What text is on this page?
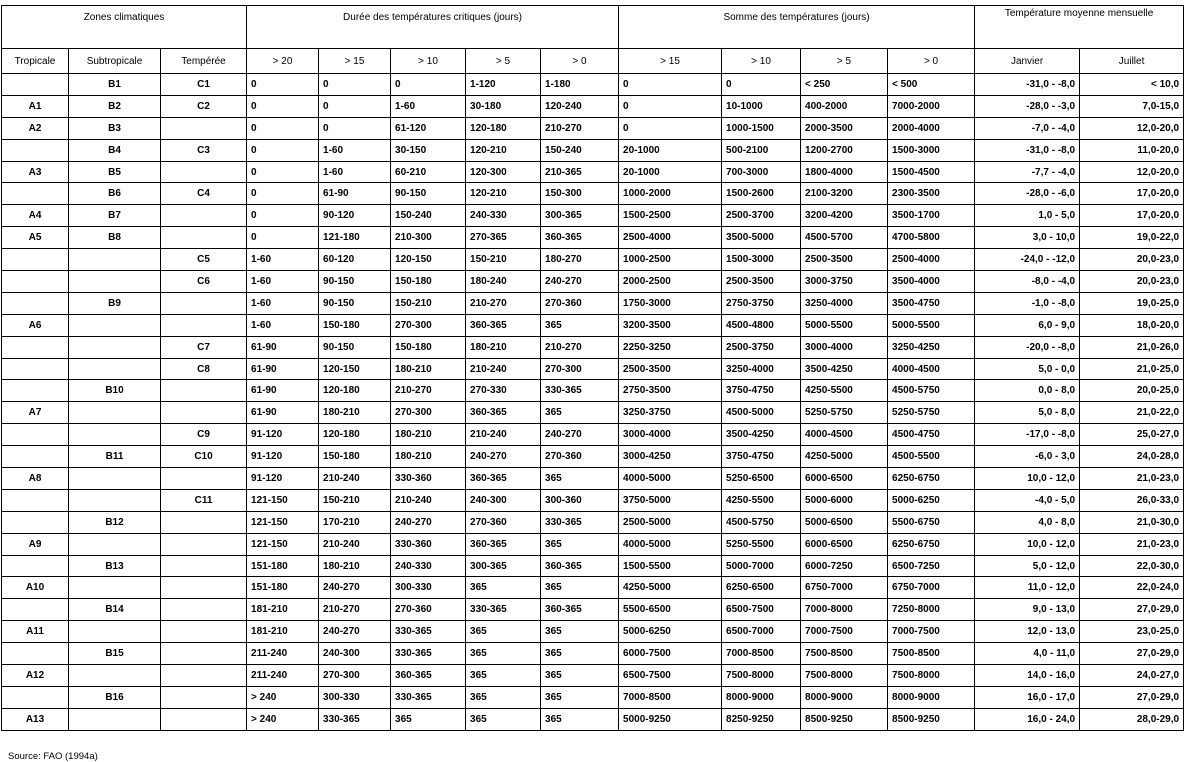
Zones climatiques			Durée des températures critiques (jours)					Somme des températures (jours)				Température moyenne mensuelle	
Tropicale	Subtropicale	Tempérée	> 20	> 15	> 10	> 5	> 0	> 15	> 10	> 5	> 0	Janvier	Juillet
	B1	C1	0	0	0	1-120	1-180	0	0	< 250	< 500	-31,0 - -8,0	< 10,0
A1	B2	C2	0	0	1-60	30-180	120-240	0	10-1000	400-2000	7000-2000	-28,0 - -3,0	7,0-15,0
A2	B3		0	0	61-120	120-180	210-270	0	1000-1500	2000-3500	2000-4000	-7,0 - -4,0	12,0-20,0
	B4	C3	0	1-60	30-150	120-210	150-240	20-1000	500-2100	1200-2700	1500-3000	-31,0 - -8,0	11,0-20,0
A3	B5		0	1-60	60-210	120-300	210-365	20-1000	700-3000	1800-4000	1500-4500	-7,7 - -4,0	12,0-20,0
	B6	C4	0	61-90	90-150	120-210	150-300	1000-2000	1500-2600	2100-3200	2300-3500	-28,0 - -6,0	17,0-20,0
A4	B7		0	90-120	150-240	240-330	300-365	1500-2500	2500-3700	3200-4200	3500-1700	1,0 - 5,0	17,0-20,0
A5	B8		0	121-180	210-300	270-365	360-365	2500-4000	3500-5000	4500-5700	4700-5800	3,0 - 10,0	19,0-22,0
		C5	1-60	60-120	120-150	150-210	180-270	1000-2500	1500-3000	2500-3500	2500-4000	-24,0 - -12,0	20,0-23,0
		C6	1-60	90-150	150-180	180-240	240-270	2000-2500	2500-3500	3000-3750	3500-4000	-8,0 - -4,0	20,0-23,0
	B9		1-60	90-150	150-210	210-270	270-360	1750-3000	2750-3750	3250-4000	3500-4750	-1,0 - -8,0	19,0-25,0
A6			1-60	150-180	270-300	360-365	365	3200-3500	4500-4800	5000-5500	5000-5500	6,0 - 9,0	18,0-20,0
		C7	61-90	90-150	150-180	180-210	210-270	2250-3250	2500-3750	3000-4000	3250-4250	-20,0 - -8,0	21,0-26,0
		C8	61-90	120-150	180-210	210-240	270-300	2500-3500	3250-4000	3500-4250	4000-4500	5,0 - 0,0	21,0-25,0
	B10		61-90	120-180	210-270	270-330	330-365	2750-3500	3750-4750	4250-5500	4500-5750	0,0 - 8,0	20,0-25,0
A7			61-90	180-210	270-300	360-365	365	3250-3750	4500-5000	5250-5750	5250-5750	5,0 - 8,0	21,0-22,0
		C9	91-120	120-180	180-210	210-240	240-270	3000-4000	3500-4250	4000-4500	4500-4750	-17,0 - -8,0	25,0-27,0
	B11	C10	91-120	150-180	180-210	240-270	270-360	3000-4250	3750-4750	4250-5000	4500-5500	-6,0 - 3,0	24,0-28,0
A8			91-120	210-240	330-360	360-365	365	4000-5000	5250-6500	6000-6500	6250-6750	10,0 - 12,0	21,0-23,0
		C11	121-150	150-210	210-240	240-300	300-360	3750-5000	4250-5500	5000-6000	5000-6250	-4,0 - 5,0	26,0-33,0
	B12		121-150	170-210	240-270	270-360	330-365	2500-5000	4500-5750	5000-6500	5500-6750	4,0 - 8,0	21,0-30,0
A9			121-150	210-240	330-360	360-365	365	4000-5000	5250-5500	6000-6500	6250-6750	10,0 - 12,0	21,0-23,0
	B13		151-180	180-210	240-330	300-365	360-365	1500-5500	5000-7000	6000-7250	6500-7250	5,0 - 12,0	22,0-30,0
A10			151-180	240-270	300-330	365	365	4250-5000	6250-6500	6750-7000	6750-7000	11,0 - 12,0	22,0-24,0
	B14		181-210	210-270	270-360	330-365	360-365	5500-6500	6500-7500	7000-8000	7250-8000	9,0 - 13,0	27,0-29,0
A11			181-210	240-270	330-365	365	365	5000-6250	6500-7000	7000-7500	7000-7500	12,0 - 13,0	23,0-25,0
	B15		211-240	240-300	330-365	365	365	6000-7500	7000-8500	7500-8500	7500-8500	4,0 - 11,0	27,0-29,0
A12			211-240	270-300	360-365	365	365	6500-7500	7500-8000	7500-8000	7500-8000	14,0 - 16,0	24,0-27,0
	B16		> 240	300-330	330-365	365	365	7000-8500	8000-9000	8000-9000	8000-9000	16,0 - 17,0	27,0-29,0
A13			> 240	330-365	365	365	365	5000-9250	8250-9250	8500-9250	8500-9250	16,0 - 24,0	28,0-29,0
Source: FAO (1994a)
